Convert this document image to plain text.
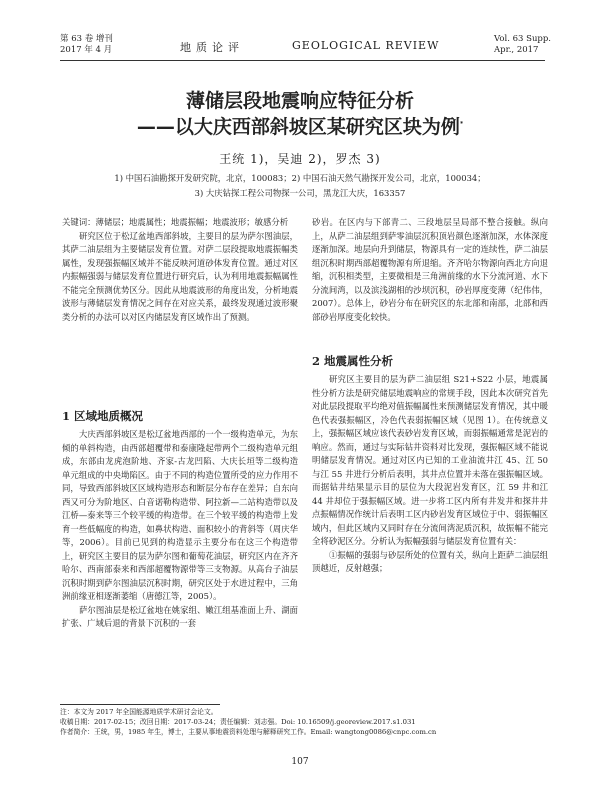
第 63 卷 增刊
2017 年 4 月	地质论评	GEOLOGICAL REVIEW	Vol. 63 Supp.
Apr., 2017
薄储层段地震响应特征分析
——以大庆西部斜坡区某研究区块为例*
王统 1)，吴迪 2)，罗杰 3)
1) 中国石油勘探开发研究院，北京，100083；2) 中国石油天然气勘探开发公司，北京，100034；
3) 大庆钻探工程公司物探一公司，黑龙江大庆，163357

关键词：薄储层；地震属性；地震振幅；地震波形；敏感分析

研究区位于松辽盆地西部斜坡，主要目的层为萨尔图油层，其萨二油层组为主要储层发育位置。对萨二层段提取地震振幅类属性，发现强振幅区域并不能反映河道砂体发育位置。通过对区内振幅强弱与储层发育位置进行研究后，认为利用地震振幅属性不能完全预测优势区分。因此从地震波形的角度出发，分析地震波形与薄储层发育情况之间存在对应关系，最终发现通过波形聚类分析的办法可以对区内储层发育区域作出了预测。

1 区域地质概况

大庆西部斜坡区是松辽盆地西部的一个一级构造单元，为东倾的单斜构造，由西部超覆带和泰康隆起带两个二级构造单元组成，东部由龙虎泡阶地、齐家-古龙凹陷、大庆长垣等二级构造单元组成的中央坳陷区。由于不同的构造位置所受的应力作用不同，导致西部斜坡区区域构造形态和断层分布存在差异；自东向西又可分为阶地区、白音诺勒构造带、阿拉新—二站构造带以及江桥—泰来等三个较平缓的构造带。在三个较平缓的构造带上发育一些低幅度的构造，如鼻状构造、面积较小的背斜等（周庆华等，2006）。目前已见到的构造显示主要分布在这三个构造带上，研究区主要目的层为萨尔图和葡萄花油层，研究区内在齐齐哈尔、西南部泰来和西部超覆物源带等三支物源。从高台子油层沉积时期到萨尔图油层沉积时期，研究区处于水进过程中，三角洲前缘亚相逐渐萎缩（唐德江等，2005）。

萨尔图油层是松辽盆地在姚家组、嫩江组基准面上升、湖面扩张、广域后退的背景下沉积的一套

砂岩。在区内与下部青二、三段地层呈局部不整合接触。纵向上，从萨二油层组到萨零油层沉积顶岩颜色逐渐加深，水体深度逐渐加深。地层向升到储层，物源具有一定的连续性，萨二油层组沉积时期西部超覆物源有所退缩。齐齐哈尔物源向西北方向退缩，沉积相类型，主要微相是三角洲前缘的水下分流河道、水下分流间湾，以及滨浅湖相的沙坝沉积，砂岩厚度变薄（纪伟伟，2007）。总体上，砂岩分布在研究区的东北部和南部，北部和西部砂岩厚度变化较快。

2 地震属性分析

研究区主要目的层为萨二油层组 S21+S22 小层，地震属性分析方法是研究储层地震响应的常规手段，因此本次研究首先对此层段提取平均绝对值振幅属性来预测储层发育情况，其中暖色代表强振幅区，冷色代表弱振幅区域（见图 1）。在传统意义上，强振幅区域应该代表砂岩发育区域，而弱振幅通常是泥岩的响应。然而，通过与实际钻井资料对比发现，强振幅区域不能说明储层发育情况。通过对区内已知的工业油流井江 45、江 50 与江 55 井进行分析后表明，其井点位置并未落在强振幅区域。而据钻井结果显示目的层位为大段泥岩发育区，江 59 井和江 44 井却位于强振幅区域。进一步将工区内所有井发井和探井井点振幅情况作统计后表明工区内砂岩发育区域位于中、弱振幅区域内，但此区域内又同时存在分流间湾泥质沉积，故振幅不能完全将砂泥区分。分析认为振幅强弱与储层发育位置有关：

①振幅的强弱与砂层所处的位置有关，纵向上距萨二油层组顶越近，反射越强；

注：本文为 2017 年全国能源地质学术研讨会论文。
收稿日期：2017-02-15；改回日期：2017-03-24；责任编辑：刘志强。Doi: 10.16509/j.georeview.2017.s1.031
作者简介：王统，男，1985 年生，博士，主要从事地震资料处理与解释研究工作。Email: wangtong0086@cnpc.com.cn
107
